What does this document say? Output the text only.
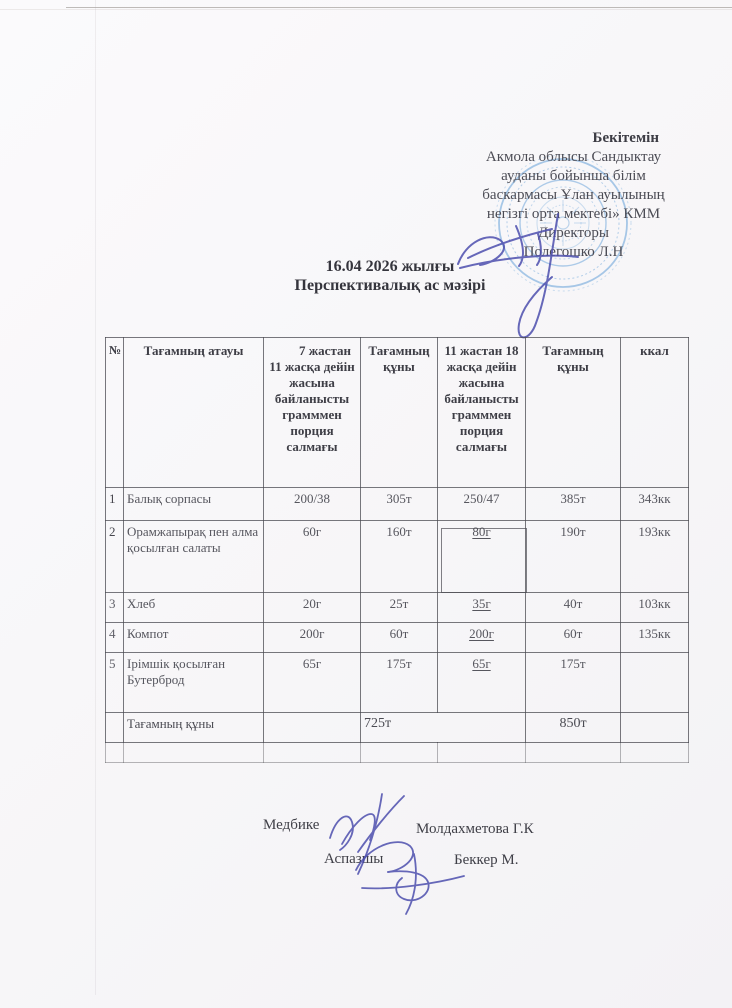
Бекітемін
Акмола облысы Сандыктау
ауданы бойынша білім
баскармасы Ұлан ауылының
негізгі орта мектебі» КММ
Директоры
Полегошко Л.Н
16.04 2026 жылғы
Перспективалық ас мәзірі
№	Тағамның атауы	7 жастан 11 жасқа дейін жасына байланысты грамммен порция салмағы	Тағамның құны	11 жастан 18 жасқа дейін жасына байланысты грамммен порция салмағы	Тағамның құны	ккал
1	Балық сорпасы	200/38	305т	250/47	385т	343кк
2	Орамжапырақ пен алма қосылған салаты	60г	160т	80г	190т	193кк
3	Хлеб	20г	25т	35г	40т	103кк
4	Компот	200г	60т	200г	60т	135кк
5	Ірімшік қосылған Бутерброд	65г	175т	65г	175т	
	Тағамның құны		725т		850т	

Медбике	Молдахметова Г.К
Аспазшы	Беккер М.
